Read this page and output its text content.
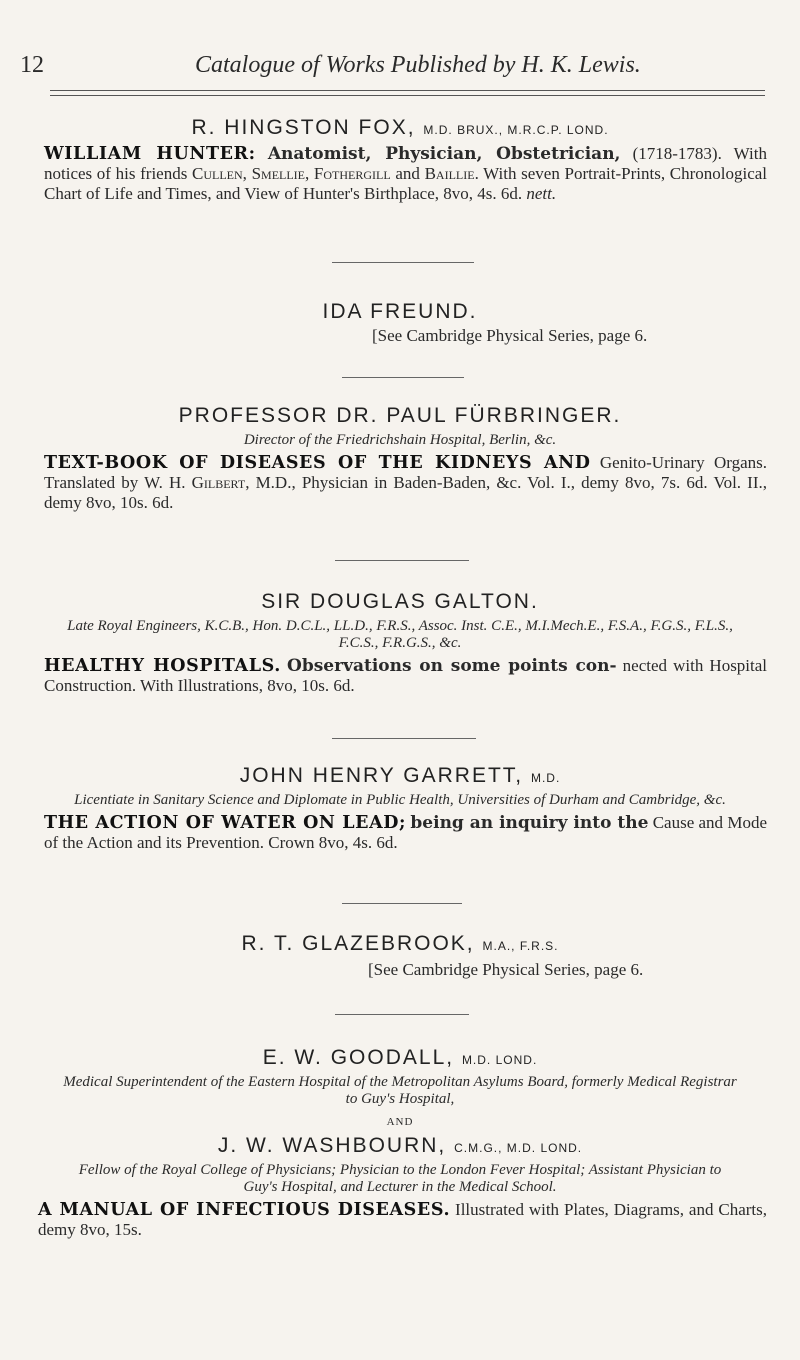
12	Catalogue of Works Published by H. K. Lewis.

R. HINGSTON FOX, M.D. BRUX., M.R.C.P. LOND.

WILLIAM HUNTER: Anatomist, Physician, Obstetrician, (1718-1783). With notices of his friends Cullen, Smellie, Fothergill and Baillie. With seven Portrait-Prints, Chronological Chart of Life and Times, and View of Hunter's Birthplace, 8vo, 4s. 6d. nett.

IDA FREUND.

[See Cambridge Physical Series, page 6.

PROFESSOR DR. PAUL FÜRBRINGER.

Director of the Friedrichshain Hospital, Berlin, &c.

TEXT-BOOK OF DISEASES OF THE KIDNEYS AND Genito-Urinary Organs. Translated by W. H. Gilbert, M.D., Physician in Baden-Baden, &c. Vol. I., demy 8vo, 7s. 6d. Vol. II., demy 8vo, 10s. 6d.

SIR DOUGLAS GALTON.

Late Royal Engineers, K.C.B., Hon. D.C.L., LL.D., F.R.S., Assoc. Inst. C.E., M.I.Mech.E., F.S.A., F.G.S., F.L.S., F.C.S., F.R.G.S., &c.

HEALTHY HOSPITALS. Observations on some points con- nected with Hospital Construction. With Illustrations, 8vo, 10s. 6d.

JOHN HENRY GARRETT, M.D.

Licentiate in Sanitary Science and Diplomate in Public Health, Universities of Durham and Cambridge, &c.

THE ACTION OF WATER ON LEAD; being an inquiry into the Cause and Mode of the Action and its Prevention. Crown 8vo, 4s. 6d.

R. T. GLAZEBROOK, M.A., F.R.S.

[See Cambridge Physical Series, page 6.

E. W. GOODALL, M.D. LOND.

Medical Superintendent of the Eastern Hospital of the Metropolitan Asylums Board, formerly Medical Registrar to Guy's Hospital,

AND

J. W. WASHBOURN, C.M.G., M.D. LOND.

Fellow of the Royal College of Physicians; Physician to the London Fever Hospital; Assistant Physician to Guy's Hospital, and Lecturer in the Medical School.

A MANUAL OF INFECTIOUS DISEASES. Illustrated with Plates, Diagrams, and Charts, demy 8vo, 15s.
